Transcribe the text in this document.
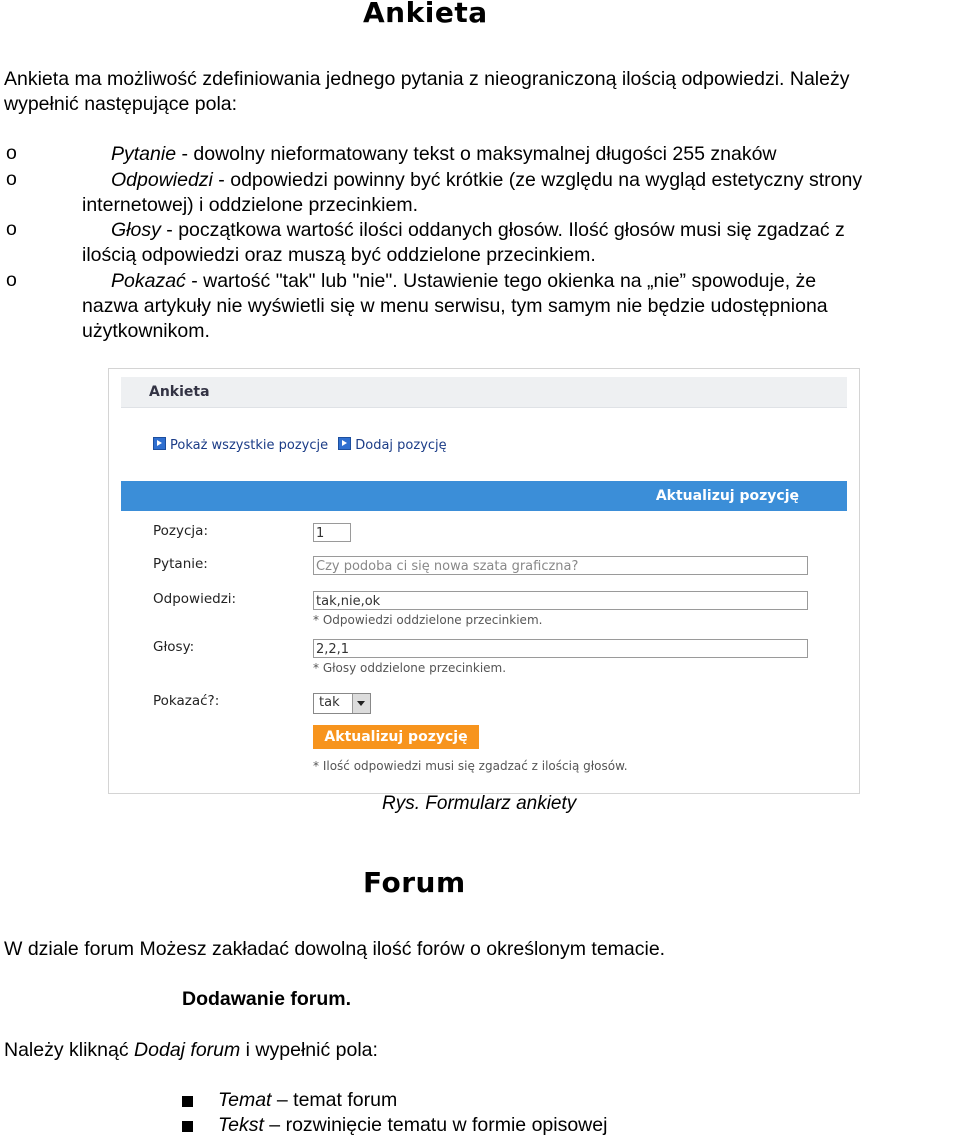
Ankieta
Ankieta ma możliwość zdefiniowania jednego pytania z nieograniczoną ilością odpowiedzi. Należy
wypełnić następujące pola:
o	Pytanie - dowolny nieformatowany tekst o maksymalnej długości 255 znaków
o	Odpowiedzi - odpowiedzi powinny być krótkie (ze względu na wygląd estetyczny strony
internetowej) i oddzielone przecinkiem.
o	Głosy - początkowa wartość ilości oddanych głosów. Ilość głosów musi się zgadzać z
ilością odpowiedzi oraz muszą być oddzielone przecinkiem.
o	Pokazać - wartość "tak" lub "nie". Ustawienie tego okienka na „nie” spowoduje, że
nazwa artykuły nie wyświetli się w menu serwisu, tym samym nie będzie udostępniona
użytkownikom.
Ankieta
Pokaż wszystkie pozycje Dodaj pozycję
Aktualizuj pozycję
Pozycja:	1
Pytanie:	Czy podoba ci się nowa szata graficzna?
Odpowiedzi:	tak,nie,ok
* Odpowiedzi oddzielone przecinkiem.
Głosy:	2,2,1
* Głosy oddzielone przecinkiem.
Pokazać?:	tak
Aktualizuj pozycję
* Ilość odpowiedzi musi się zgadzać z ilością głosów.
Rys. Formularz ankiety
Forum
W dziale forum Możesz zakładać dowolną ilość forów o określonym temacie.
Dodawanie forum.
Należy kliknąć Dodaj forum i wypełnić pola:
Temat – temat forum
Tekst – rozwinięcie tematu w formie opisowej
